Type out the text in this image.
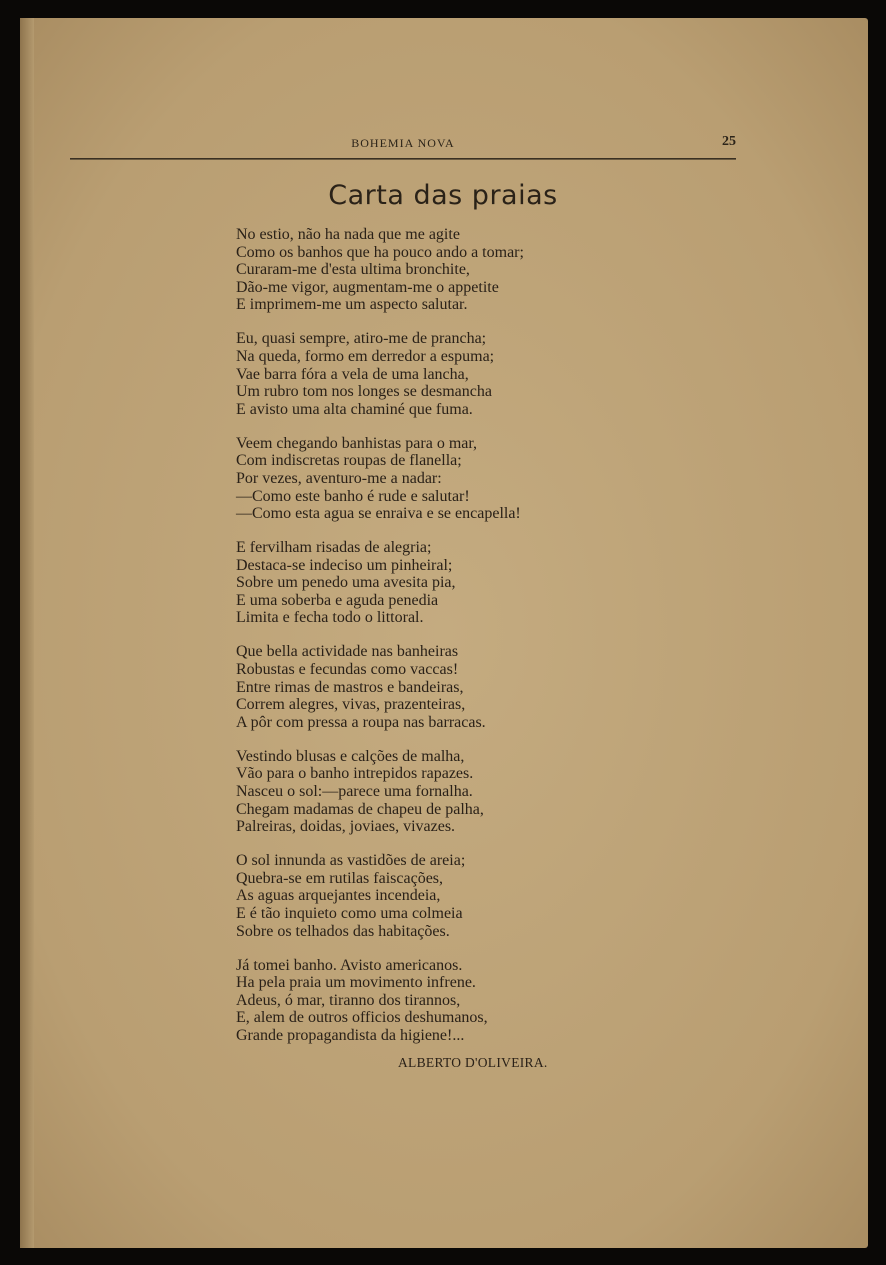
BOHEMIA NOVA	25
Carta das praias
No estio, não ha nada que me agite
Como os banhos que ha pouco ando a tomar;
Curaram-me d'esta ultima bronchite,
Dão-me vigor, augmentam-me o appetite
E imprimem-me um aspecto salutar.
Eu, quasi sempre, atiro-me de prancha;
Na queda, formo em derredor a espuma;
Vae barra fóra a vela de uma lancha,
Um rubro tom nos longes se desmancha
E avisto uma alta chaminé que fuma.
Veem chegando banhistas para o mar,
Com indiscretas roupas de flanella;
Por vezes, aventuro-me a nadar:
—Como este banho é rude e salutar!
—Como esta agua se enraiva e se encapella!
E fervilham risadas de alegria;
Destaca-se indeciso um pinheiral;
Sobre um penedo uma avesita pia,
E uma soberba e aguda penedia
Limita e fecha todo o littoral.
Que bella actividade nas banheiras
Robustas e fecundas como vaccas!
Entre rimas de mastros e bandeiras,
Correm alegres, vivas, prazenteiras,
A pôr com pressa a roupa nas barracas.
Vestindo blusas e calções de malha,
Vão para o banho intrepidos rapazes.
Nasceu o sol:—parece uma fornalha.
Chegam madamas de chapeu de palha,
Palreiras, doidas, joviaes, vivazes.
O sol innunda as vastidões de areia;
Quebra-se em rutilas faiscações,
As aguas arquejantes incendeia,
E é tão inquieto como uma colmeia
Sobre os telhados das habitações.
Já tomei banho. Avisto americanos.
Ha pela praia um movimento infrene.
Adeus, ó mar, tiranno dos tirannos,
E, alem de outros officios deshumanos,
Grande propagandista da higiene!...
ALBERTO D'OLIVEIRA.
